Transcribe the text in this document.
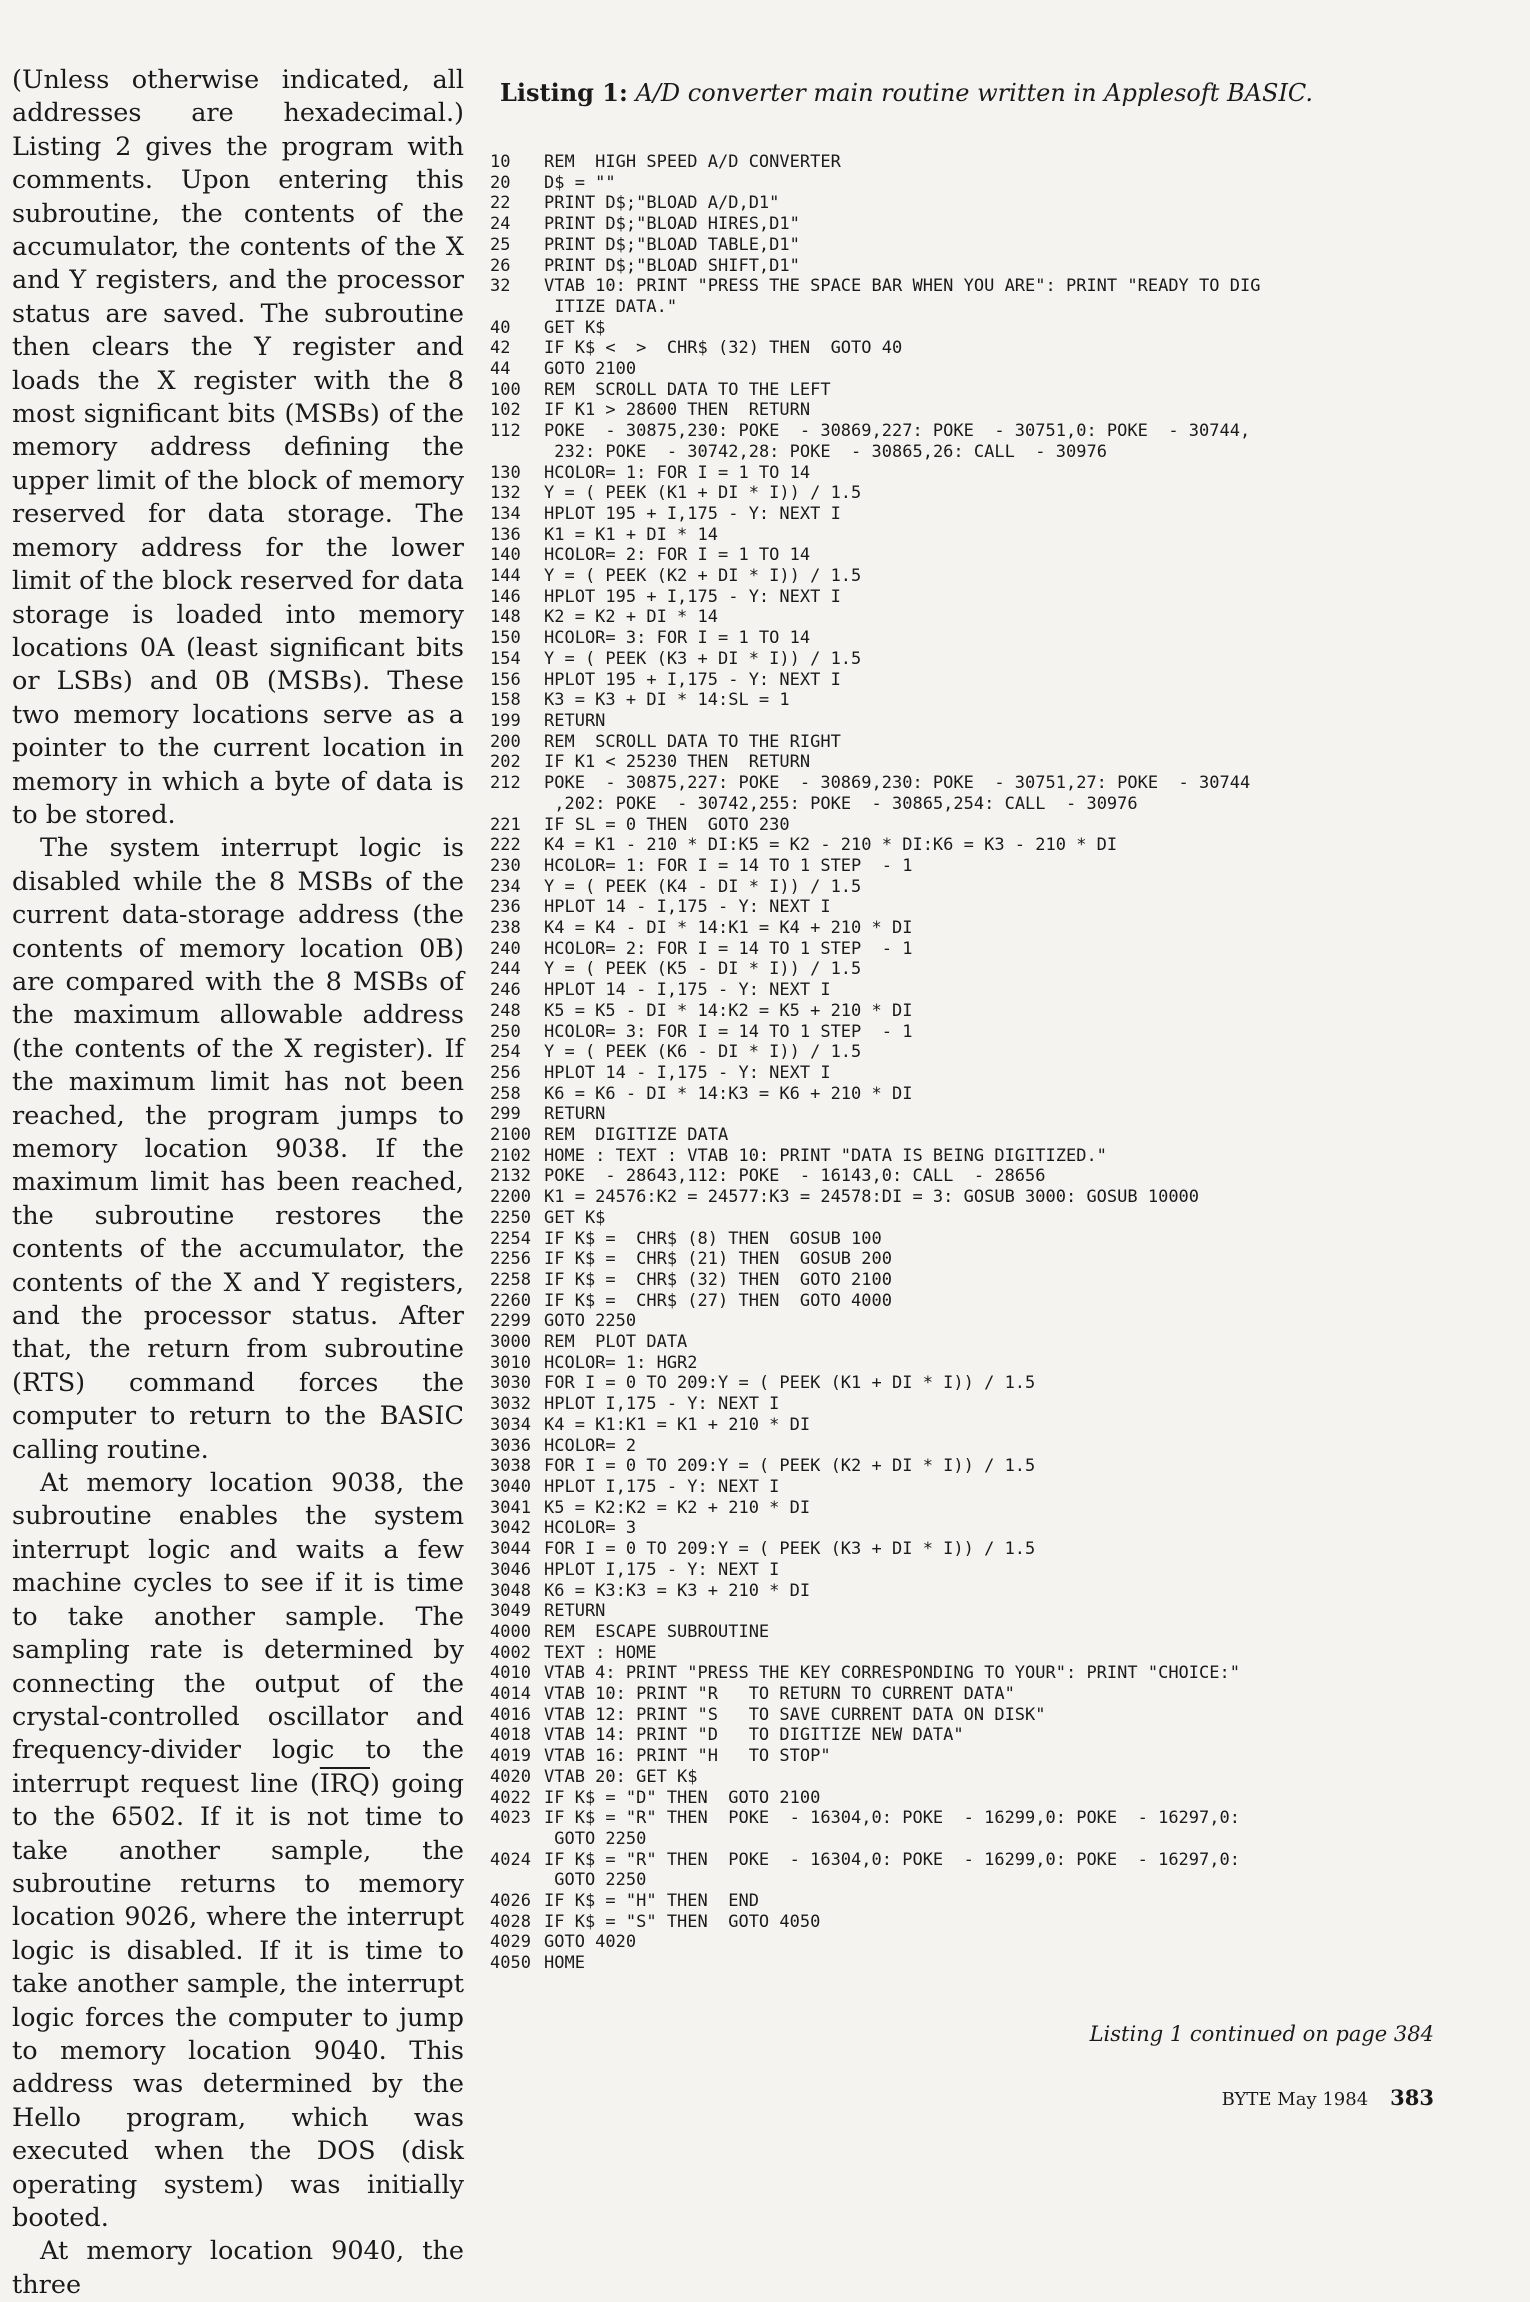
(Unless otherwise indicated, all addresses are hexadecimal.) Listing 2 gives the program with comments. Upon entering this subroutine, the contents of the accumulator, the contents of the X and Y registers, and the processor status are saved. The subroutine then clears the Y register and loads the X register with the 8 most significant bits (MSBs) of the memory address defining the upper limit of the block of memory reserved for data storage. The memory address for the lower limit of the block reserved for data storage is loaded into memory locations 0A (least significant bits or LSBs) and 0B (MSBs). These two memory locations serve as a pointer to the current location in memory in which a byte of data is to be stored.

The system interrupt logic is disabled while the 8 MSBs of the current data-storage address (the contents of memory location 0B) are compared with the 8 MSBs of the maximum allowable address (the contents of the X register). If the maximum limit has not been reached, the program jumps to memory location 9038. If the maximum limit has been reached, the subroutine restores the contents of the accumulator, the contents of the X and Y registers, and the processor status. After that, the return from subroutine (RTS) command forces the computer to return to the BASIC calling routine.

At memory location 9038, the subroutine enables the system interrupt logic and waits a few machine cycles to see if it is time to take another sample. The sampling rate is determined by connecting the output of the crystal-controlled oscillator and frequency-divider logic to the interrupt request line $(\overline{IRQ})$ going to the 6502. If it is not time to take another sample, the subroutine returns to memory location 9026, where the interrupt logic is disabled. If it is time to take another sample, the interrupt logic forces the computer to jump to memory location 9040. This address was determined by the Hello program, which was executed when the DOS (disk operating system) was initially booted.

At memory location 9040, the three

Listing 1: A/D converter main routine written in Applesoft BASIC.
10	REM  HIGH SPEED A/D CONVERTER
20	D$ = ""
22	PRINT D$;"BLOAD A/D,D1"
24	PRINT D$;"BLOAD HIRES,D1"
25	PRINT D$;"BLOAD TABLE,D1"
26	PRINT D$;"BLOAD SHIFT,D1"
32	VTAB 10: PRINT "PRESS THE SPACE BAR WHEN YOU ARE": PRINT "READY TO DIG
ITIZE DATA."
40	GET K$
42	IF K$ <  >  CHR$ (32) THEN  GOTO 40
44	GOTO 2100
100	REM  SCROLL DATA TO THE LEFT
102	IF K1 > 28600 THEN  RETURN
112	POKE  - 30875,230: POKE  - 30869,227: POKE  - 30751,0: POKE  - 30744,
232: POKE  - 30742,28: POKE  - 30865,26: CALL  - 30976
130	HCOLOR= 1: FOR I = 1 TO 14
132	Y = ( PEEK (K1 + DI * I)) / 1.5
134	HPLOT 195 + I,175 - Y: NEXT I
136	K1 = K1 + DI * 14
140	HCOLOR= 2: FOR I = 1 TO 14
144	Y = ( PEEK (K2 + DI * I)) / 1.5
146	HPLOT 195 + I,175 - Y: NEXT I
148	K2 = K2 + DI * 14
150	HCOLOR= 3: FOR I = 1 TO 14
154	Y = ( PEEK (K3 + DI * I)) / 1.5
156	HPLOT 195 + I,175 - Y: NEXT I
158	K3 = K3 + DI * 14:SL = 1
199	RETURN
200	REM  SCROLL DATA TO THE RIGHT
202	IF K1 < 25230 THEN  RETURN
212	POKE  - 30875,227: POKE  - 30869,230: POKE  - 30751,27: POKE  - 30744
,202: POKE  - 30742,255: POKE  - 30865,254: CALL  - 30976
221	IF SL = 0 THEN  GOTO 230
222	K4 = K1 - 210 * DI:K5 = K2 - 210 * DI:K6 = K3 - 210 * DI
230	HCOLOR= 1: FOR I = 14 TO 1 STEP  - 1
234	Y = ( PEEK (K4 - DI * I)) / 1.5
236	HPLOT 14 - I,175 - Y: NEXT I
238	K4 = K4 - DI * 14:K1 = K4 + 210 * DI
240	HCOLOR= 2: FOR I = 14 TO 1 STEP  - 1
244	Y = ( PEEK (K5 - DI * I)) / 1.5
246	HPLOT 14 - I,175 - Y: NEXT I
248	K5 = K5 - DI * 14:K2 = K5 + 210 * DI
250	HCOLOR= 3: FOR I = 14 TO 1 STEP  - 1
254	Y = ( PEEK (K6 - DI * I)) / 1.5
256	HPLOT 14 - I,175 - Y: NEXT I
258	K6 = K6 - DI * 14:K3 = K6 + 210 * DI
299	RETURN
2100 REM  DIGITIZE DATA
2102 HOME : TEXT : VTAB 10: PRINT "DATA IS BEING DIGITIZED."
2132 POKE  - 28643,112: POKE  - 16143,0: CALL  - 28656
2200 K1 = 24576:K2 = 24577:K3 = 24578:DI = 3: GOSUB 3000: GOSUB 10000
2250 GET K$
2254 IF K$ =  CHR$ (8) THEN  GOSUB 100
2256 IF K$ =  CHR$ (21) THEN  GOSUB 200
2258 IF K$ =  CHR$ (32) THEN  GOTO 2100
2260 IF K$ =  CHR$ (27) THEN  GOTO 4000
2299 GOTO 2250
3000 REM  PLOT DATA
3010 HCOLOR= 1: HGR2
3030 FOR I = 0 TO 209:Y = ( PEEK (K1 + DI * I)) / 1.5
3032 HPLOT I,175 - Y: NEXT I
3034 K4 = K1:K1 = K1 + 210 * DI
3036 HCOLOR= 2
3038 FOR I = 0 TO 209:Y = ( PEEK (K2 + DI * I)) / 1.5
3040 HPLOT I,175 - Y: NEXT I
3041 K5 = K2:K2 = K2 + 210 * DI
3042 HCOLOR= 3
3044 FOR I = 0 TO 209:Y = ( PEEK (K3 + DI * I)) / 1.5
3046 HPLOT I,175 - Y: NEXT I
3048 K6 = K3:K3 = K3 + 210 * DI
3049 RETURN
4000 REM  ESCAPE SUBROUTINE
4002 TEXT : HOME
4010 VTAB 4: PRINT "PRESS THE KEY CORRESPONDING TO YOUR": PRINT "CHOICE:"
4014 VTAB 10: PRINT "R   TO RETURN TO CURRENT DATA"
4016 VTAB 12: PRINT "S   TO SAVE CURRENT DATA ON DISK"
4018 VTAB 14: PRINT "D   TO DIGITIZE NEW DATA"
4019 VTAB 16: PRINT "H   TO STOP"
4020 VTAB 20: GET K$
4022 IF K$ = "D" THEN  GOTO 2100
4023 IF K$ = "R" THEN  POKE  - 16304,0: POKE  - 16299,0: POKE  - 16297,0:
GOTO 2250
4024 IF K$ = "R" THEN  POKE  - 16304,0: POKE  - 16299,0: POKE  - 16297,0:
GOTO 2250
4026 IF K$ = "H" THEN  END
4028 IF K$ = "S" THEN  GOTO 4050
4029 GOTO 4020
4050 HOME
Listing 1 continued on page 384
BYTE May 1984 383
